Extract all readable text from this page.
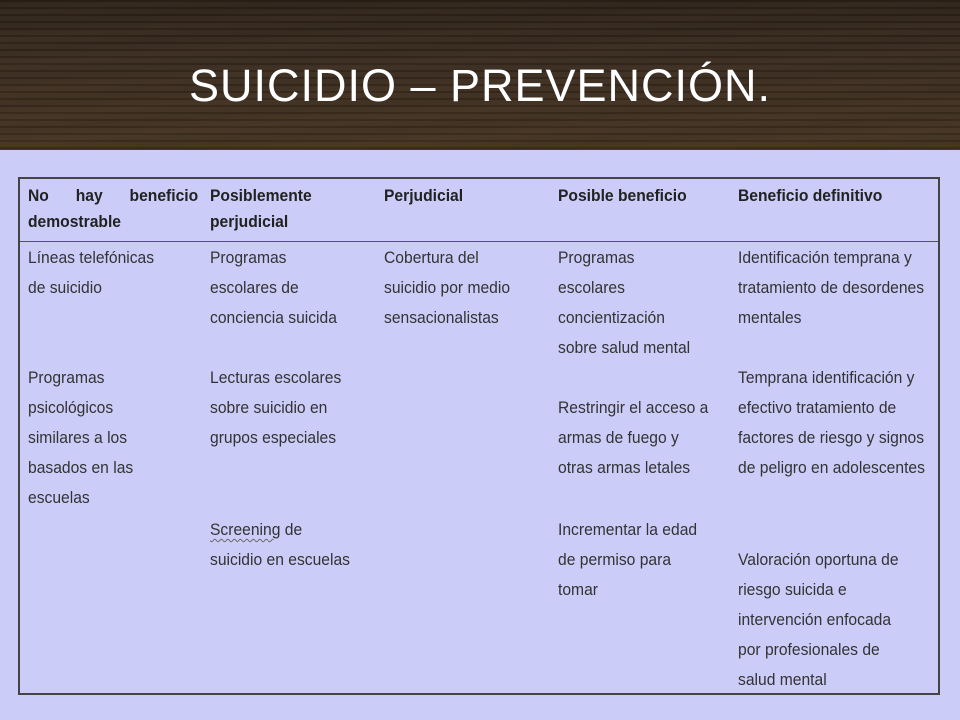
SUICIDIO – PREVENCIÓN.
No hay beneficio
demostrable
Posiblemente perjudicial
Perjudicial	Posible beneficio	Beneficio definitivo
Líneas telefónicas de suicidio
Programas psicológicos similares a los basados en las escuelas
Programas escolares de conciencia suicida
Lecturas escolares sobre suicidio en grupos especiales
Screening de
suicidio en escuelas
Cobertura del suicidio por medio sensacionalistas
Programas escolares concientización sobre salud mental
Restringir el acceso a armas de fuego y otras armas letales
Incrementar la edad de permiso para tomar
Identificación temprana y tratamiento de desordenes mentales
Temprana identificación y efectivo tratamiento de factores de riesgo y signos de peligro en adolescentes
Valoración oportuna de riesgo suicida e intervención enfocada por profesionales de salud mental
